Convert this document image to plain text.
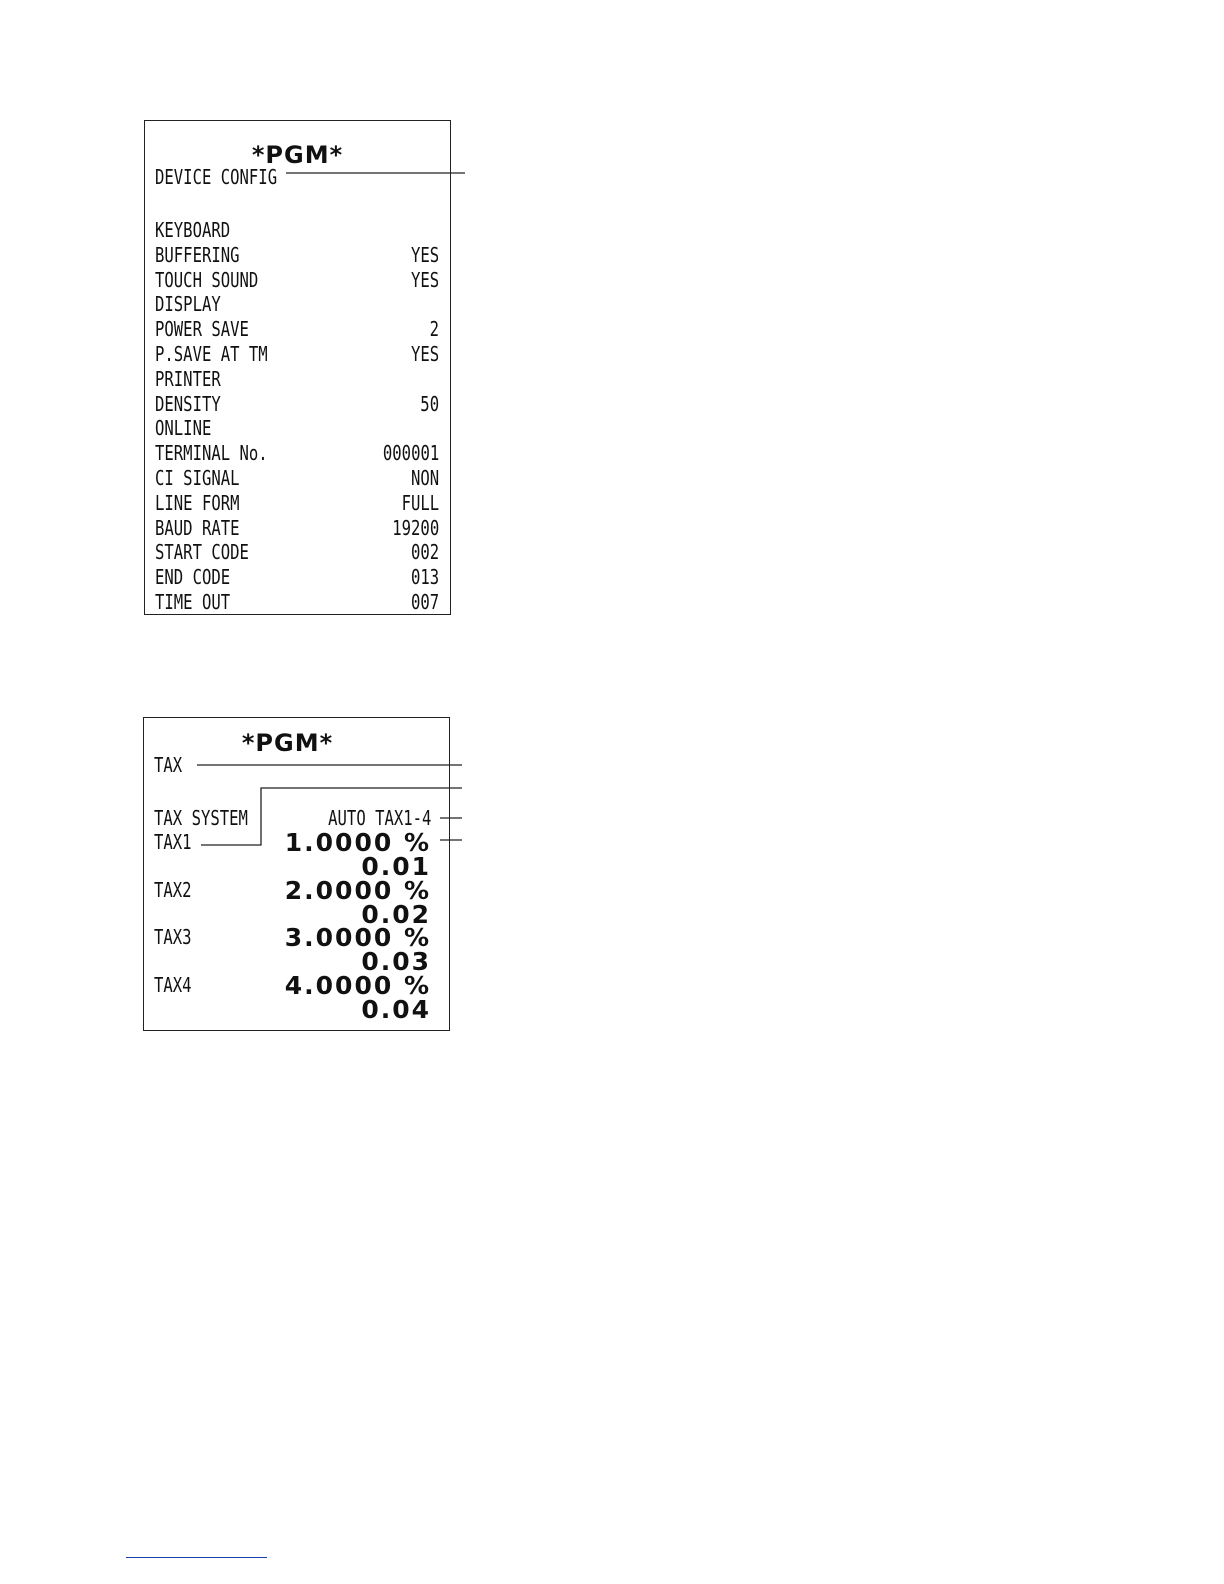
*PGM*
DEVICE CONFIG
KEYBOARD
BUFFERING	YES
TOUCH SOUND	YES
DISPLAY
POWER SAVE	2
P.SAVE AT TM	YES
PRINTER
DENSITY	50
ONLINE
TERMINAL No.	000001
CI SIGNAL	NON
LINE FORM	FULL
BAUD RATE	19200
START CODE	002
END CODE	013
TIME OUT	007
*PGM*
TAX
TAX SYSTEM	AUTO TAX1-4
TAX1	1.0000 %
0.01
TAX2	2.0000 %
0.02
TAX3	3.0000 %
0.03
TAX4	4.0000 %
0.04
